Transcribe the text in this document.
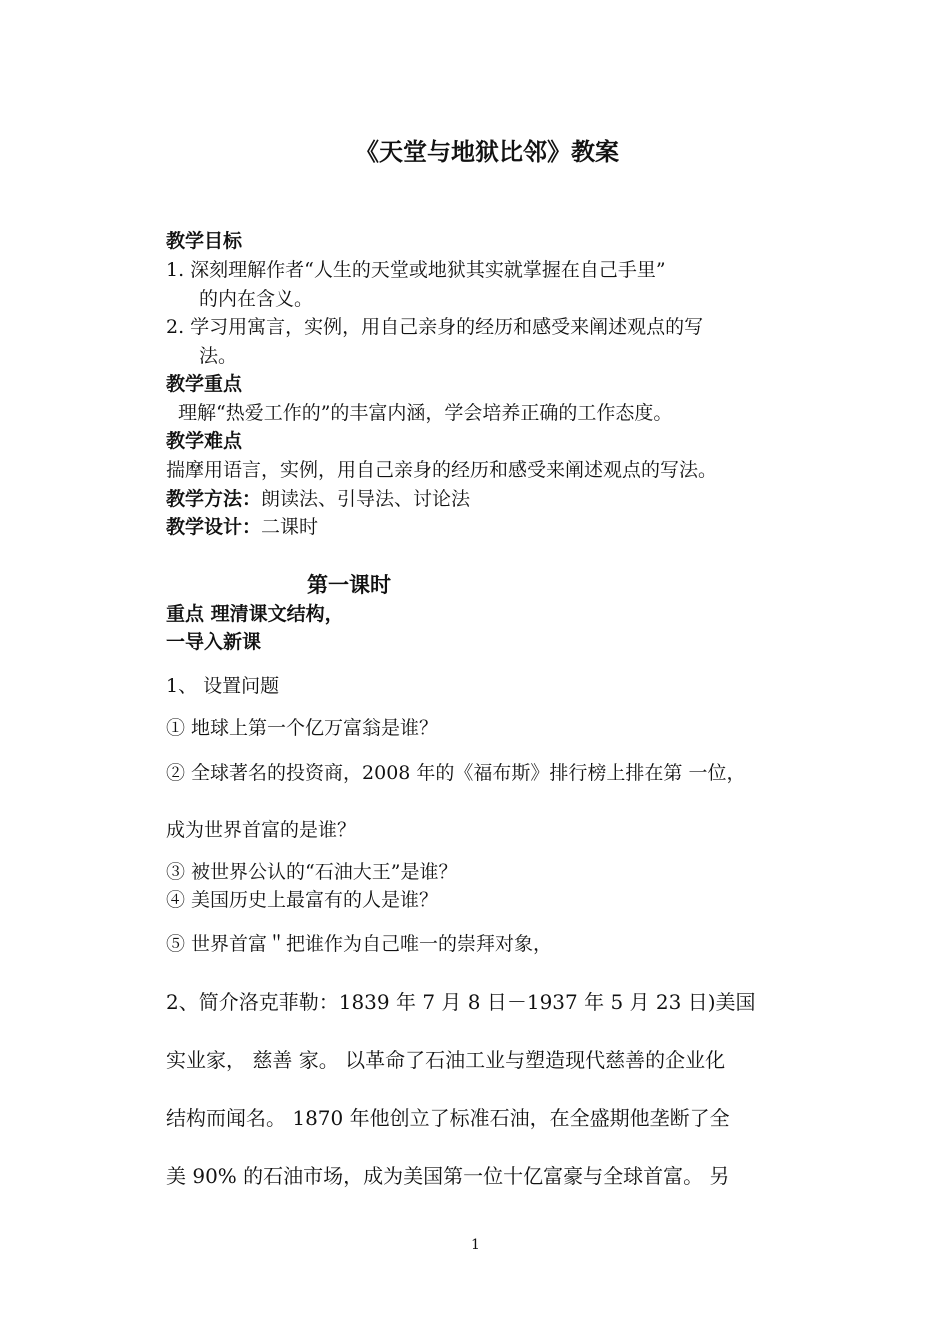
《天堂与地狱比邻》教案
教学目标
1. 深刻理解作者“人生的天堂或地狱其实就掌握在自己手里”
的内在含义。
2. 学习用寓言，实例，用自己亲身的经历和感受来阐述观点的写
法。
教学重点
理解“热爱工作的”的丰富内涵，学会培养正确的工作态度。
教学难点
揣摩用语言，实例，用自己亲身的经历和感受来阐述观点的写法。
教学方法：朗读法、引导法、讨论法
教学设计：二课时
第一课时
重点 理清课文结构，
一导入新课
1、 设置问题
① 地球上第一个亿万富翁是谁？
② 全球著名的投资商，2008 年的《福布斯》排行榜上排在第 一位，
成为世界首富的是谁？
③ 被世界公认的“石油大王”是谁？
④ 美国历史上最富有的人是谁？
⑤ 世界首富＂把谁作为自己唯一的崇拜对象，
2、简介洛克菲勒：1839 年 7 月 8 日－1937 年 5 月 23 日)美国
实业家， 慈善 家。 以革命了石油工业与塑造现代慈善的企业化
结构而闻名。 1870 年他创立了标准石油，在全盛期他垄断了全
美 90% 的石油市场，成为美国第一位十亿富豪与全球首富。 另
1
